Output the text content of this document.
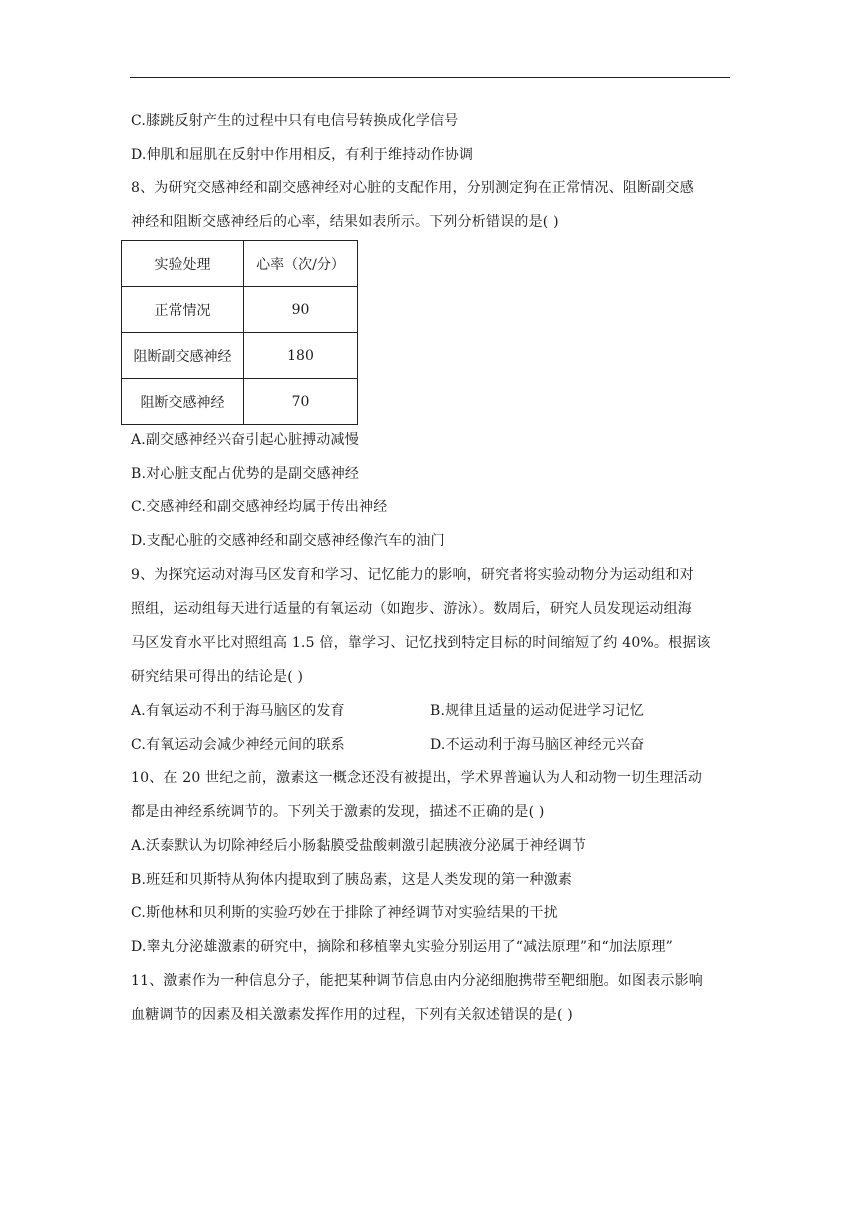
C.膝跳反射产生的过程中只有电信号转换成化学信号
D.伸肌和屈肌在反射中作用相反，有利于维持动作协调
8、为研究交感神经和副交感神经对心脏的支配作用，分别测定狗在正常情况、阻断副交感
神经和阻断交感神经后的心率，结果如表所示。下列分析错误的是( )
实验处理	心率（次/分）
正常情况	90
阻断副交感神经	180
阻断交感神经	70
A.副交感神经兴奋引起心脏搏动减慢
B.对心脏支配占优势的是副交感神经
C.交感神经和副交感神经均属于传出神经
D.支配心脏的交感神经和副交感神经像汽车的油门
9、为探究运动对海马区发育和学习、记忆能力的影响，研究者将实验动物分为运动组和对
照组，运动组每天进行适量的有氧运动（如跑步、游泳）。数周后，研究人员发现运动组海
马区发育水平比对照组高 1.5 倍，靠学习、记忆找到特定目标的时间缩短了约 40%。根据该
研究结果可得出的结论是( )
A.有氧运动不利于海马脑区的发育	B.规律且适量的运动促进学习记忆
C.有氧运动会减少神经元间的联系	D.不运动利于海马脑区神经元兴奋
10、在 20 世纪之前，激素这一概念还没有被提出，学术界普遍认为人和动物一切生理活动
都是由神经系统调节的。下列关于激素的发现，描述不正确的是( )
A.沃泰默认为切除神经后小肠黏膜受盐酸刺激引起胰液分泌属于神经调节
B.班廷和贝斯特从狗体内提取到了胰岛素，这是人类发现的第一种激素
C.斯他林和贝利斯的实验巧妙在于排除了神经调节对实验结果的干扰
D.睾丸分泌雄激素的研究中，摘除和移植睾丸实验分别运用了“减法原理”和“加法原理”
11、激素作为一种信息分子，能把某种调节信息由内分泌细胞携带至靶细胞。如图表示影响
血糖调节的因素及相关激素发挥作用的过程，下列有关叙述错误的是( )
